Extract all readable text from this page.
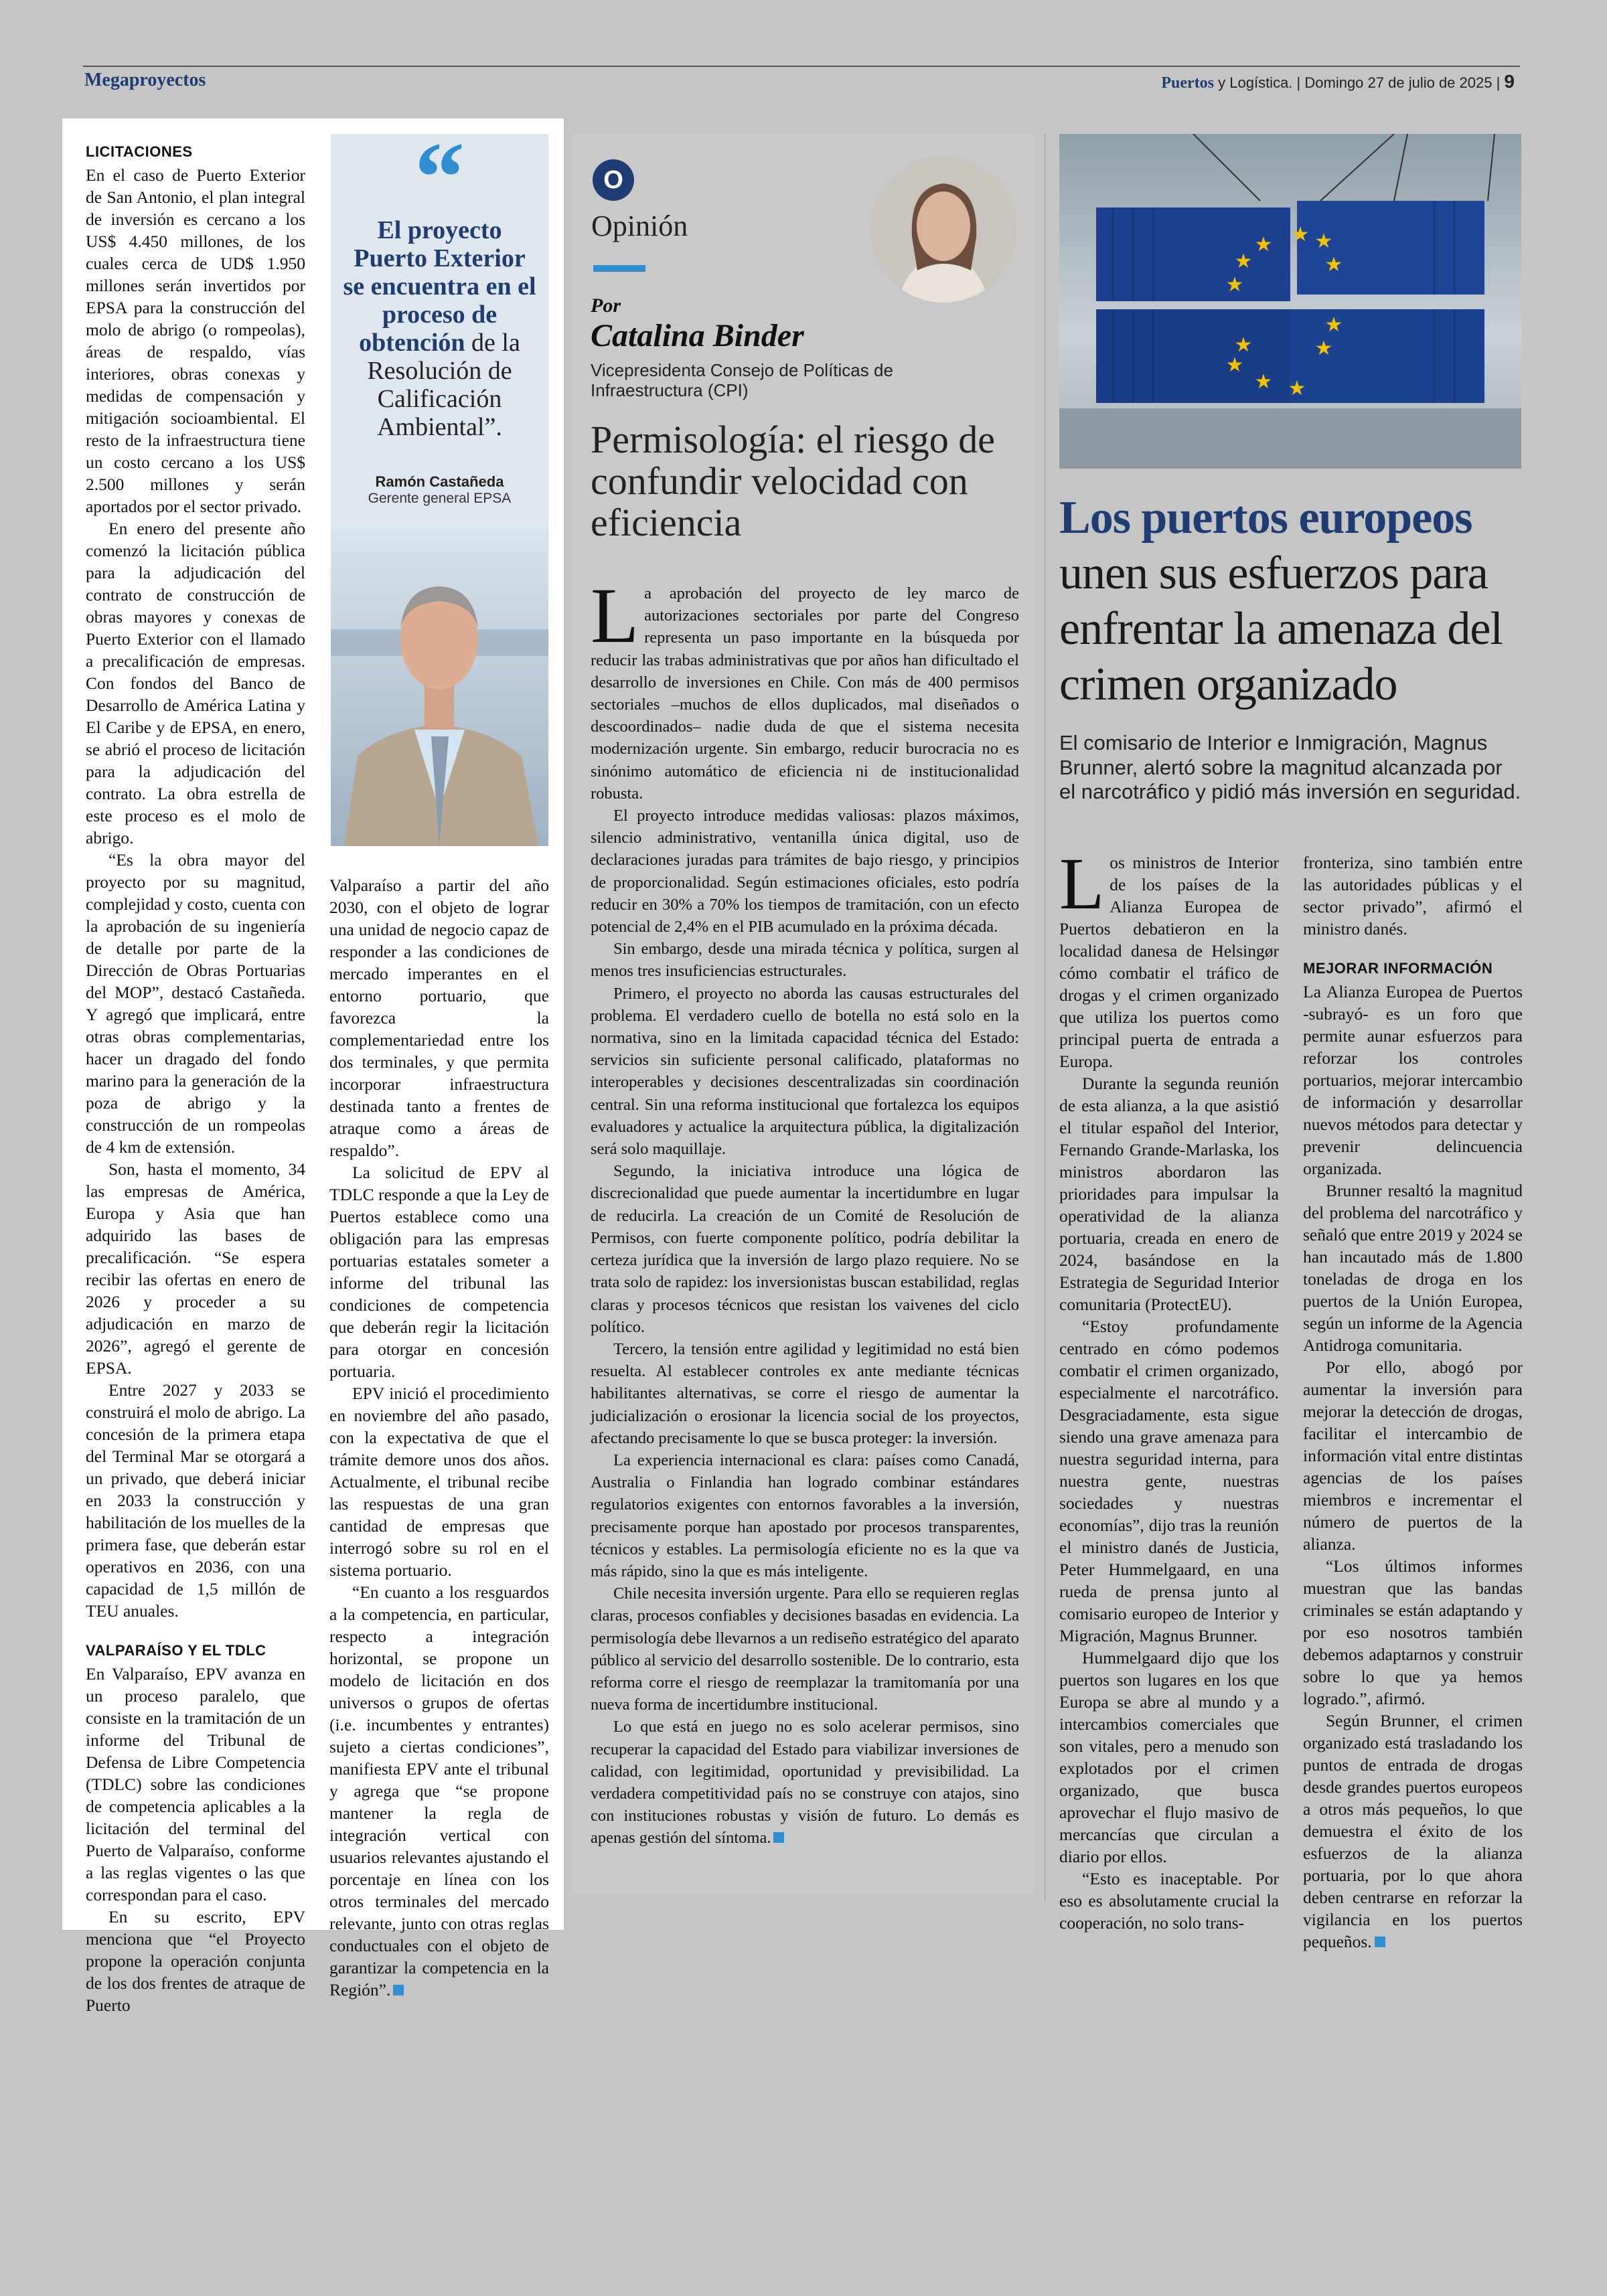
Megaproyectos	Puertos y Logística. | Domingo 27 de julio de 2025 | 9
LICITACIONES

En el caso de Puerto Exterior de San Antonio, el plan integral de inversión es cercano a los US$ 4.450 millones, de los cuales cerca de UD$ 1.950 millones serán invertidos por EPSA para la construcción del molo de abrigo (o rompeolas), áreas de respaldo, vías interiores, obras conexas y medidas de compensación y mitigación socioambiental. El resto de la infraestructura tiene un costo cercano a los US$ 2.500 millones y serán aportados por el sector privado.

En enero del presente año comenzó la licitación pública para la adjudicación del contrato de construcción de obras mayores y conexas de Puerto Exterior con el llamado a precalificación de empresas. Con fondos del Banco de Desarrollo de América Latina y El Caribe y de EPSA, en enero, se abrió el proceso de licitación para la adjudicación del contrato. La obra estrella de este proceso es el molo de abrigo.

“Es la obra mayor del proyecto por su magnitud, complejidad y costo, cuenta con la aprobación de su ingeniería de detalle por parte de la Dirección de Obras Portuarias del MOP”, destacó Castañeda. Y agregó que implicará, entre otras obras complementarias, hacer un dragado del fondo marino para la generación de la poza de abrigo y la construcción de un rompeolas de 4 km de extensión.

Son, hasta el momento, 34 las empresas de América, Europa y Asia que han adquirido las bases de precalificación. “Se espera recibir las ofertas en enero de 2026 y proceder a su adjudicación en marzo de 2026”, agregó el gerente de EPSA.

Entre 2027 y 2033 se construirá el molo de abrigo. La concesión de la primera etapa del Terminal Mar se otorgará a un privado, que deberá iniciar en 2033 la construcción y habilitación de los muelles de la primera fase, que deberán estar operativos en 2036, con una capacidad de 1,5 millón de TEU anuales.

VALPARAÍSO Y EL TDLC

En Valparaíso, EPV avanza en un proceso paralelo, que consiste en la tramitación de un informe del Tribunal de Defensa de Libre Competencia (TDLC) sobre las condiciones de competencia aplicables a la licitación del terminal del Puerto de Valparaíso, conforme a las reglas vigentes o las que correspondan para el caso.

En su escrito, EPV menciona que “el Proyecto propone la operación conjunta de los dos frentes de atraque de Puerto

“
El proyecto Puerto Exterior se encuentra en el proceso de obtención de la Resolución de Calificación Ambiental”.
Ramón Castañeda
Gerente general EPSA

Valparaíso a partir del año 2030, con el objeto de lograr una unidad de negocio capaz de responder a las condiciones de mercado imperantes en el entorno portuario, que favorezca la complementariedad entre los dos terminales, y que permita incorporar infraestructura destinada tanto a frentes de atraque como a áreas de respaldo”.

La solicitud de EPV al TDLC responde a que la Ley de Puertos establece como una obligación para las empresas portuarias estatales someter a informe del tribunal las condiciones de competencia que deberán regir la licitación para otorgar en concesión portuaria.

EPV inició el procedimiento en noviembre del año pasado, con la expectativa de que el trámite demore unos dos años. Actualmente, el tribunal recibe las respuestas de una gran cantidad de empresas que interrogó sobre su rol en el sistema portuario.

“En cuanto a los resguardos a la competencia, en particular, respecto a integración horizontal, se propone un modelo de licitación en dos universos o grupos de ofertas (i.e. incumbentes y entrantes) sujeto a ciertas condiciones”, manifiesta EPV ante el tribunal y agrega que “se propone mantener la regla de integración vertical con usuarios relevantes ajustando el porcentaje en línea con los otros terminales del mercado relevante, junto con otras reglas conductuales con el objeto de garantizar la competencia en la Región”.

O
Opinión
Por
Catalina Binder
Vicepresidenta Consejo de Políticas de Infraestructura (CPI)
Permisología: el riesgo de confundir velocidad con eficiencia

La aprobación del proyecto de ley marco de autorizaciones sectoriales por parte del Congreso representa un paso importante en la búsqueda por reducir las trabas administrativas que por años han dificultado el desarrollo de inversiones en Chile. Con más de 400 permisos sectoriales –muchos de ellos duplicados, mal diseñados o descoordinados– nadie duda de que el sistema necesita modernización urgente. Sin embargo, reducir burocracia no es sinónimo automático de eficiencia ni de institucionalidad robusta.

El proyecto introduce medidas valiosas: plazos máximos, silencio administrativo, ventanilla única digital, uso de declaraciones juradas para trámites de bajo riesgo, y principios de proporcionalidad. Según estimaciones oficiales, esto podría reducir en 30% a 70% los tiempos de tramitación, con un efecto potencial de 2,4% en el PIB acumulado en la próxima década.

Sin embargo, desde una mirada técnica y política, surgen al menos tres insuficiencias estructurales.

Primero, el proyecto no aborda las causas estructurales del problema. El verdadero cuello de botella no está solo en la normativa, sino en la limitada capacidad técnica del Estado: servicios sin suficiente personal calificado, plataformas no interoperables y decisiones descentralizadas sin coordinación central. Sin una reforma institucional que fortalezca los equipos evaluadores y actualice la arquitectura pública, la digitalización será solo maquillaje.

Segundo, la iniciativa introduce una lógica de discrecionalidad que puede aumentar la incertidumbre en lugar de reducirla. La creación de un Comité de Resolución de Permisos, con fuerte componente político, podría debilitar la certeza jurídica que la inversión de largo plazo requiere. No se trata solo de rapidez: los inversionistas buscan estabilidad, reglas claras y procesos técnicos que resistan los vaivenes del ciclo político.

Tercero, la tensión entre agilidad y legitimidad no está bien resuelta. Al establecer controles ex ante mediante técnicas habilitantes alternativas, se corre el riesgo de aumentar la judicialización o erosionar la licencia social de los proyectos, afectando precisamente lo que se busca proteger: la inversión.

La experiencia internacional es clara: países como Canadá, Australia o Finlandia han logrado combinar estándares regulatorios exigentes con entornos favorables a la inversión, precisamente porque han apostado por procesos transparentes, técnicos y estables. La permisología eficiente no es la que va más rápido, sino la que es más inteligente.

Chile necesita inversión urgente. Para ello se requieren reglas claras, procesos confiables y decisiones basadas en evidencia. La permisología debe llevarnos a un rediseño estratégico del aparato público al servicio del desarrollo sostenible. De lo contrario, esta reforma corre el riesgo de reemplazar la tramitomanía por una nueva forma de incertidumbre institucional.

Lo que está en juego no es solo acelerar permisos, sino recuperar la capacidad del Estado para viabilizar inversiones de calidad, con legitimidad, oportunidad y previsibilidad. La verdadera competitividad país no se construye con atajos, sino con instituciones robustas y visión de futuro. Lo demás es apenas gestión del síntoma.

★
★
★
★
★
★
★ ★
★
★
★
★
Los puertos europeos unen sus esfuerzos para enfrentar la amenaza del crimen organizado
El comisario de Interior e Inmigración, Magnus Brunner, alertó sobre la magnitud alcanzada por el narcotráfico y pidió más inversión en seguridad.

Los ministros de Interior de los países de la Alianza Europea de Puertos debatieron en la localidad danesa de Helsingør cómo combatir el tráfico de drogas y el crimen organizado que utiliza los puertos como principal puerta de entrada a Europa.

Durante la segunda reunión de esta alianza, a la que asistió el titular español del Interior, Fernando Grande-Marlaska, los ministros abordaron las prioridades para impulsar la operatividad de la alianza portuaria, creada en enero de 2024, basándose en la Estrategia de Seguridad Interior comunitaria (ProtectEU).

“Estoy profundamente centrado en cómo podemos combatir el crimen organizado, especialmente el narcotráfico. Desgraciadamente, esta sigue siendo una grave amenaza para nuestra seguridad interna, para nuestra gente, nuestras sociedades y nuestras economías”, dijo tras la reunión el ministro danés de Justicia, Peter Hummelgaard, en una rueda de prensa junto al comisario europeo de Interior y Migración, Magnus Brunner.

Hummelgaard dijo que los puertos son lugares en los que Europa se abre al mundo y a intercambios comerciales que son vitales, pero a menudo son explotados por el crimen organizado, que busca aprovechar el flujo masivo de mercancías que circulan a diario por ellos.

“Esto es inaceptable. Por eso es absolutamente crucial la cooperación, no solo trans-

fronteriza, sino también entre las autoridades públicas y el sector privado”, afirmó el ministro danés.

MEJORAR INFORMACIÓN

La Alianza Europea de Puertos -subrayó- es un foro que permite aunar esfuerzos para reforzar los controles portuarios, mejorar intercambio de información y desarrollar nuevos métodos para detectar y prevenir delincuencia organizada.

Brunner resaltó la magnitud del problema del narcotráfico y señaló que entre 2019 y 2024 se han incautado más de 1.800 toneladas de droga en los puertos de la Unión Europea, según un informe de la Agencia Antidroga comunitaria.

Por ello, abogó por aumentar la inversión para mejorar la detección de drogas, facilitar el intercambio de información vital entre distintas agencias de los países miembros e incrementar el número de puertos de la alianza.

“Los últimos informes muestran que las bandas criminales se están adaptando y por eso nosotros también debemos adaptarnos y construir sobre lo que ya hemos logrado.”, afirmó.

Según Brunner, el crimen organizado está trasladando los puntos de entrada de drogas desde grandes puertos europeos a otros más pequeños, lo que demuestra el éxito de los esfuerzos de la alianza portuaria, por lo que ahora deben centrarse en reforzar la vigilancia en los puertos pequeños.
